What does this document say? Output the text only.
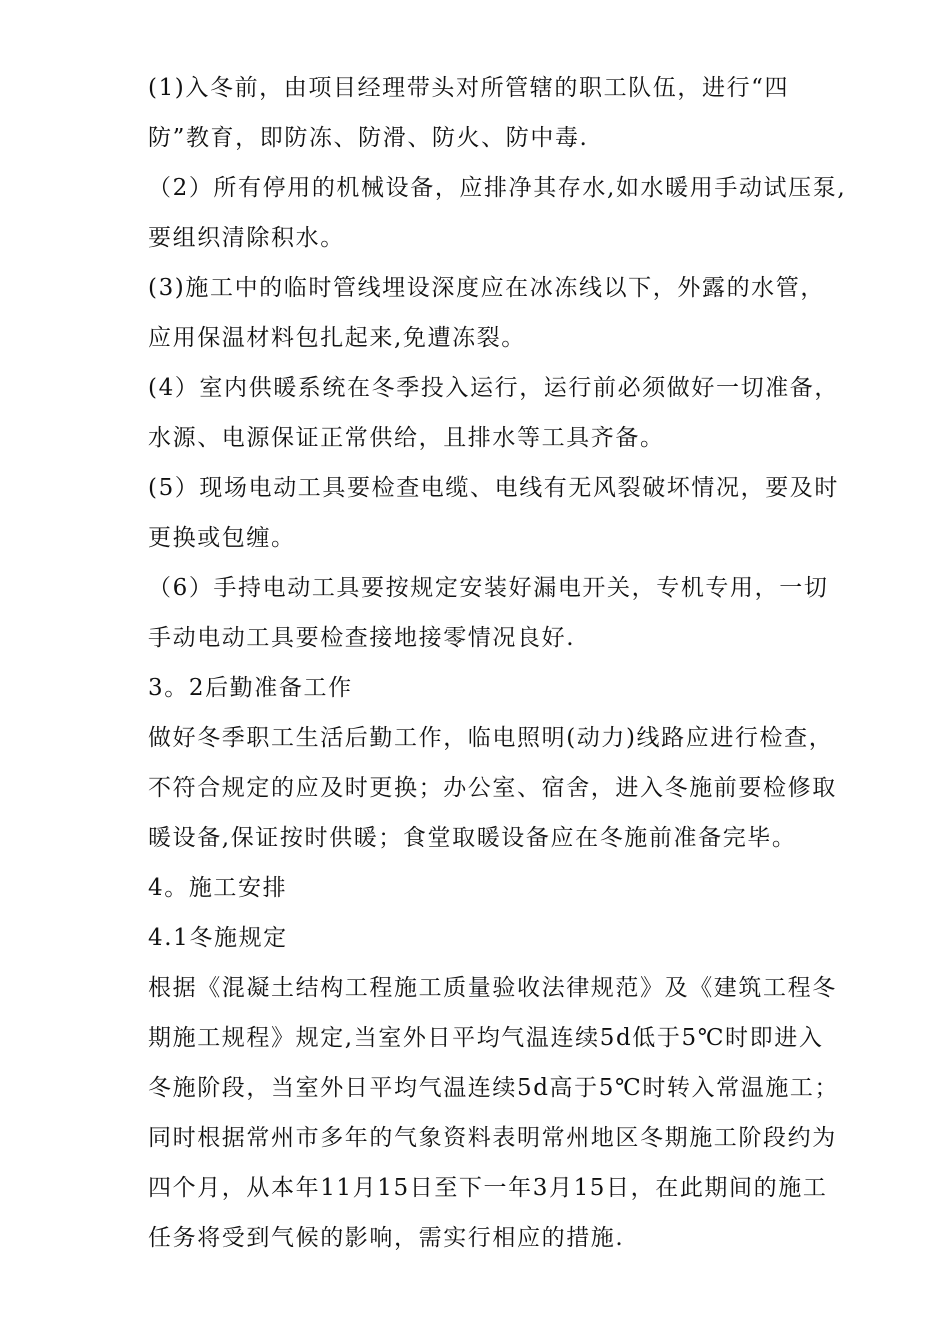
(1)入冬前，由项目经理带头对所管辖的职工队伍，进行“四
防”教育，即防冻、防滑、防火、防中毒.
（2）所有停用的机械设备，应排净其存水,如水暖用手动试压泵,
要组织清除积水。
(3)施工中的临时管线埋设深度应在冰冻线以下，外露的水管，
应用保温材料包扎起来,免遭冻裂。
(4）室内供暖系统在冬季投入运行，运行前必须做好一切准备，
水源、电源保证正常供给，且排水等工具齐备。
(5）现场电动工具要检查电缆、电线有无风裂破坏情况，要及时
更换或包缠。
（6）手持电动工具要按规定安装好漏电开关，专机专用，一切
手动电动工具要检查接地接零情况良好.
3。2后勤准备工作
做好冬季职工生活后勤工作，临电照明(动力)线路应进行检查，
不符合规定的应及时更换；办公室、宿舍，进入冬施前要检修取
暖设备,保证按时供暖；食堂取暖设备应在冬施前准备完毕。
4。施工安排
4.1冬施规定
根据《混凝土结构工程施工质量验收法律规范》及《建筑工程冬
期施工规程》规定,当室外日平均气温连续5d低于5℃时即进入
冬施阶段，当室外日平均气温连续5d高于5℃时转入常温施工；
同时根据常州市多年的气象资料表明常州地区冬期施工阶段约为
四个月，从本年11月15日至下一年3月15日，在此期间的施工
任务将受到气候的影响，需实行相应的措施.
